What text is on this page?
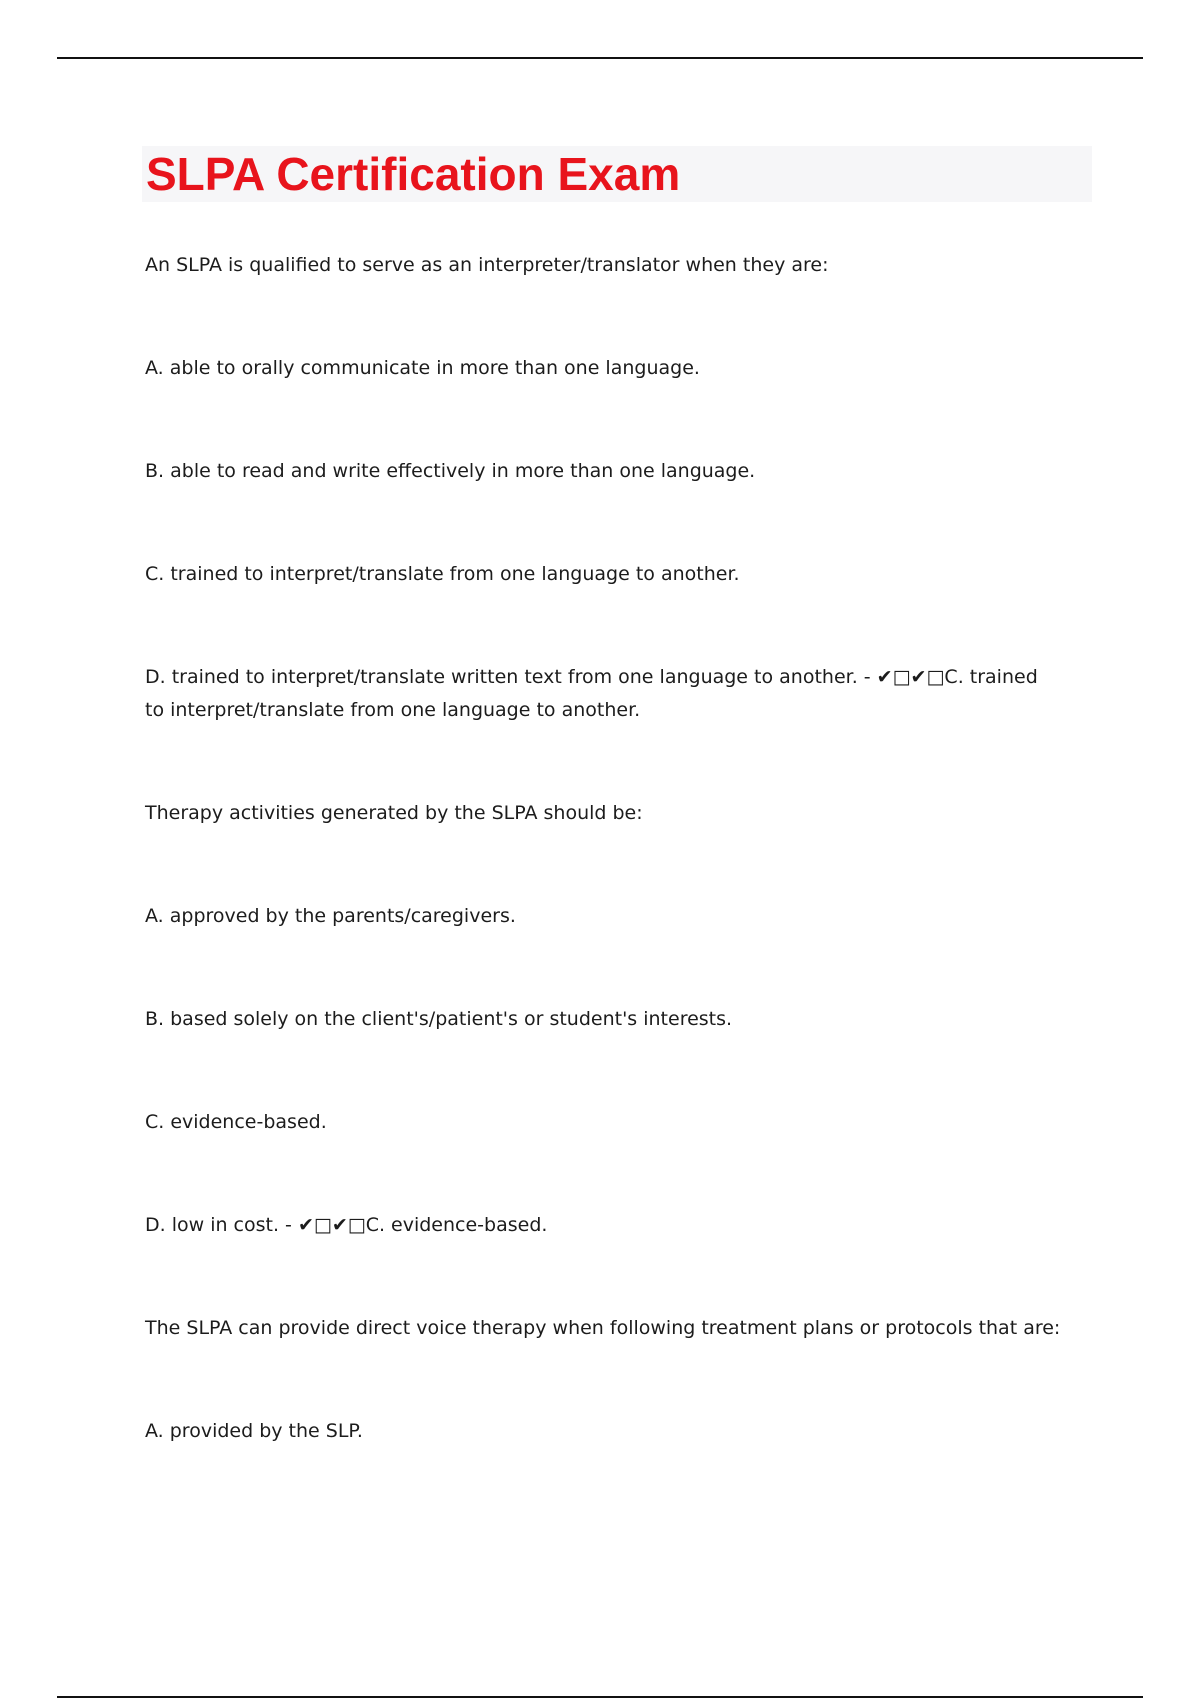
SLPA Certification Exam

An SLPA is qualified to serve as an interpreter/translator when they are:

A. able to orally communicate in more than one language.

B. able to read and write effectively in more than one language.

C. trained to interpret/translate from one language to another.

D. trained to interpret/translate written text from one language to another. - ✔□✔□C. trained to interpret/translate from one language to another.

Therapy activities generated by the SLPA should be:

A. approved by the parents/caregivers.

B. based solely on the client's/patient's or student's interests.

C. evidence-based.

D. low in cost. - ✔□✔□C. evidence-based.

The SLPA can provide direct voice therapy when following treatment plans or protocols that are:

A. provided by the SLP.
